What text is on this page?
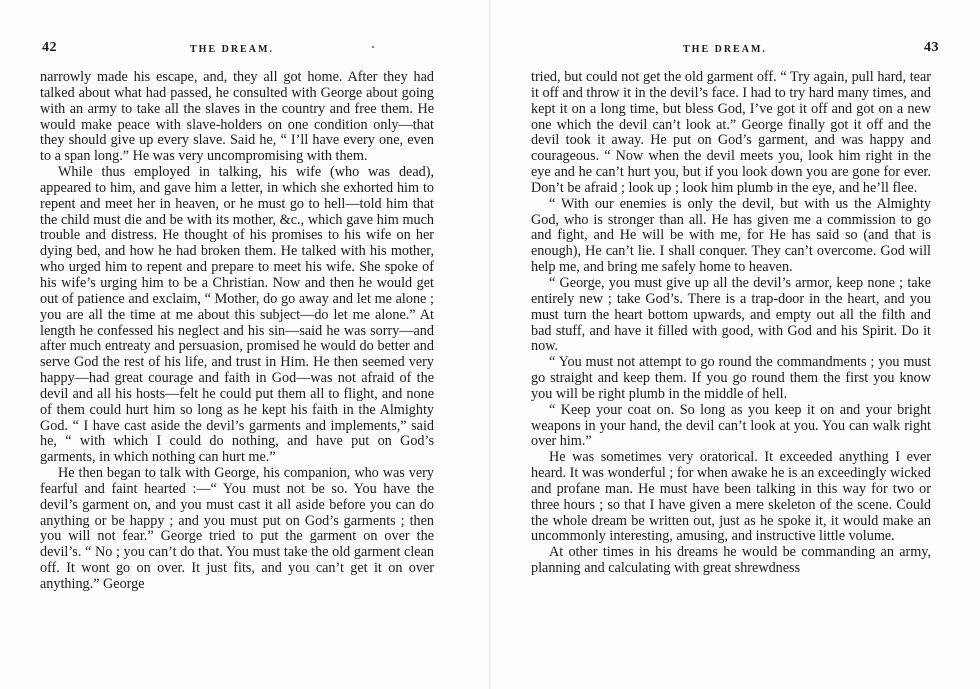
42	THE DREAM.

narrowly made his escape, and, they all got home. After they had talked about what had passed, he consulted with George about going with an army to take all the slaves in the country and free them. He would make peace with slave-holders on one condition only—that they should give up every slave. Said he, “ I’ll have every one, even to a span long.” He was very uncompromising with them.

While thus employed in talking, his wife (who was dead), appeared to him, and gave him a letter, in which she exhorted him to repent and meet her in heaven, or he must go to hell—told him that the child must die and be with its mother, &c., which gave him much trouble and distress. He thought of his promises to his wife on her dying bed, and how he had broken them. He talked with his mother, who urged him to repent and prepare to meet his wife. She spoke of his wife’s urging him to be a Christian. Now and then he would get out of patience and exclaim, “ Mother, do go away and let me alone ; you are all the time at me about this subject—do let me alone.” At length he confessed his neglect and his sin—said he was sorry—and after much entreaty and persuasion, promised he would do better and serve God the rest of his life, and trust in Him. He then seemed very happy—had great courage and faith in God—was not afraid of the devil and all his hosts—felt he could put them all to flight, and none of them could hurt him so long as he kept his faith in the Almighty God. “ I have cast aside the devil’s garments and implements,” said he, “ with which I could do nothing, and have put on God’s garments, in which nothing can hurt me.”

He then began to talk with George, his companion, who was very fearful and faint hearted :—“ You must not be so. You have the devil’s garment on, and you must cast it all aside before you can do anything or be happy ; and you must put on God’s garments ; then you will not fear.” George tried to put the garment on over the devil’s. “ No ; you can’t do that. You must take the old garment clean off. It wont go on over. It just fits, and you can’t get it on over anything.” George

THE DREAM.	43

tried, but could not get the old garment off. “ Try again, pull hard, tear it off and throw it in the devil’s face. I had to try hard many times, and kept it on a long time, but bless God, I’ve got it off and got on a new one which the devil can’t look at.” George finally got it off and the devil took it away. He put on God’s garment, and was happy and courageous. “ Now when the devil meets you, look him right in the eye and he can’t hurt you, but if you look down you are gone for ever. Don’t be afraid ; look up ; look him plumb in the eye, and he’ll flee.

“ With our enemies is only the devil, but with us the Almighty God, who is stronger than all. He has given me a commission to go and fight, and He will be with me, for He has said so (and that is enough), He can’t lie. I shall conquer. They can’t overcome. God will help me, and bring me safely home to heaven.

“ George, you must give up all the devil’s armor, keep none ; take entirely new ; take God’s. There is a trap-door in the heart, and you must turn the heart bottom upwards, and empty out all the filth and bad stuff, and have it filled with good, with God and his Spirit. Do it now.

“ You must not attempt to go round the commandments ; you must go straight and keep them. If you go round them the first you know you will be right plumb in the middle of hell.

“ Keep your coat on. So long as you keep it on and your bright weapons in your hand, the devil can’t look at you. You can walk right over him.”

He was sometimes very oratorical. It exceeded anything I ever heard. It was wonderful ; for when awake he is an exceedingly wicked and profane man. He must have been talking in this way for two or three hours ; so that I have given a mere skeleton of the scene. Could the whole dream be written out, just as he spoke it, it would make an uncommonly interesting, amusing, and instructive little volume.

At other times in his dreams he would be commanding an army, planning and calculating with great shrewdness
